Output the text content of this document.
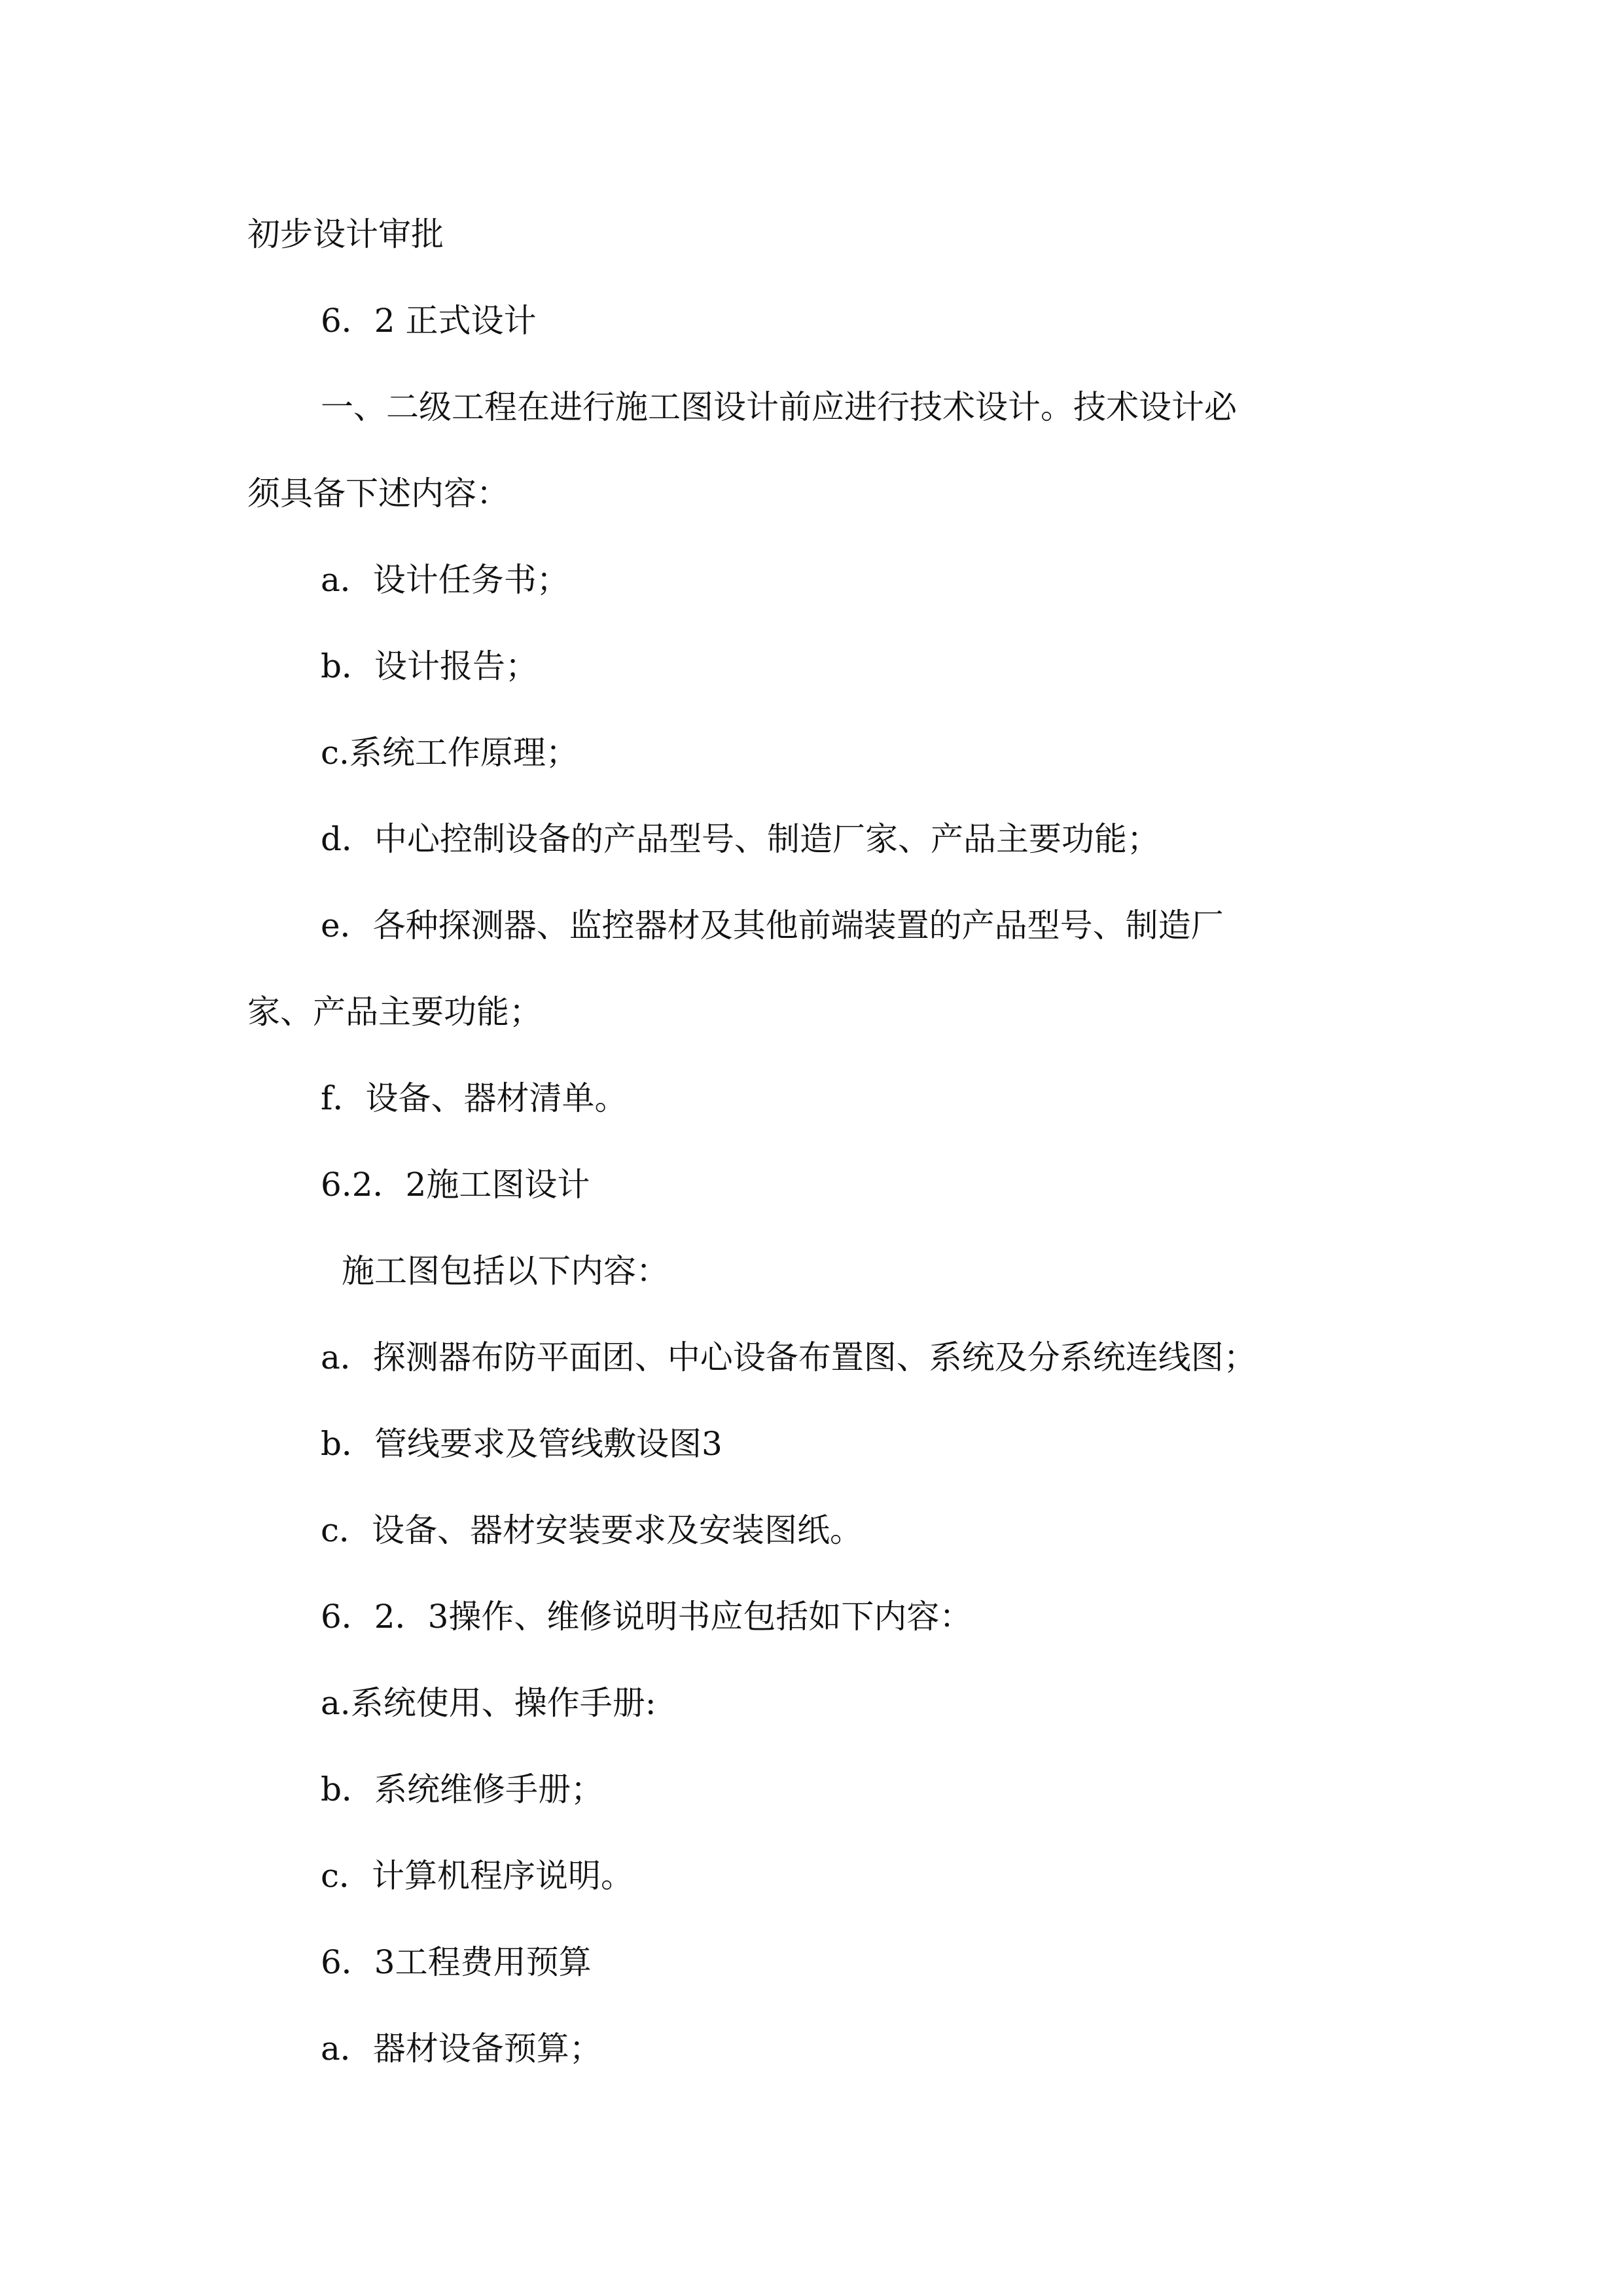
初步设计审批

6．2 正式设计

一、二级工程在进行施工图设计前应进行技术设计。技术设计必

须具备下述内容：

a．设计任务书；

b．设计报告；

c.系统工作原理；

d．中心控制设备的产品型号、制造厂家、产品主要功能；

e．各种探测器、监控器材及其他前端装置的产品型号、制造厂

家、产品主要功能；

f．设备、器材清单。

6.2．2施工图设计

施工图包括以下内容：

a．探测器布防平面团、中心设备布置图、系统及分系统连线图；

b．管线要求及管线敷设图3

c．设备、器材安装要求及安装图纸。

6．2．3操作、维修说明书应包括如下内容：

a.系统使用、操作手册:

b．系统维修手册；

c．计算机程序说明。

6．3工程费用预算

a．器材设备预算；
